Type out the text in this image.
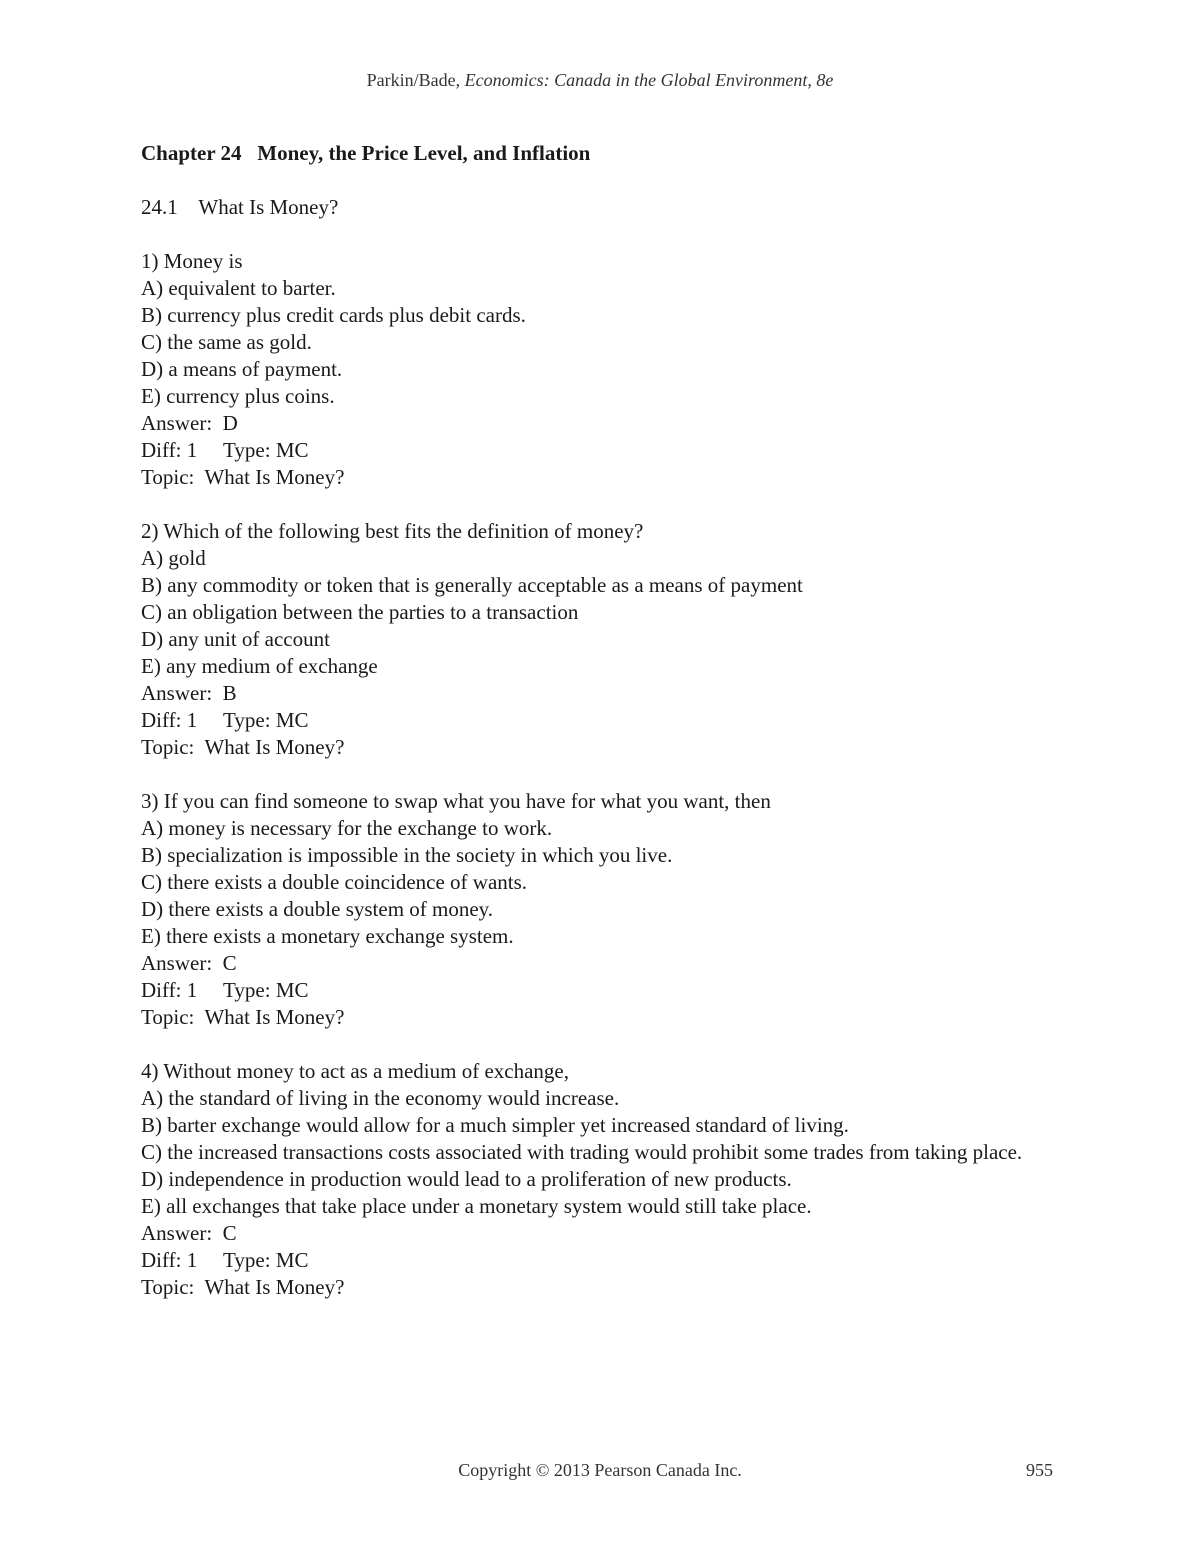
Parkin/Bade, Economics: Canada in the Global Environment, 8e
Chapter 24   Money, the Price Level, and Inflation
24.1    What Is Money?
1) Money is
A) equivalent to barter.
B) currency plus credit cards plus debit cards.
C) the same as gold.
D) a means of payment.
E) currency plus coins.
Answer:  D
Diff: 1     Type: MC
Topic:  What Is Money?
2) Which of the following best fits the definition of money?
A) gold
B) any commodity or token that is generally acceptable as a means of payment
C) an obligation between the parties to a transaction
D) any unit of account
E) any medium of exchange
Answer:  B
Diff: 1     Type: MC
Topic:  What Is Money?
3) If you can find someone to swap what you have for what you want, then
A) money is necessary for the exchange to work.
B) specialization is impossible in the society in which you live.
C) there exists a double coincidence of wants.
D) there exists a double system of money.
E) there exists a monetary exchange system.
Answer:  C
Diff: 1     Type: MC
Topic:  What Is Money?
4) Without money to act as a medium of exchange,
A) the standard of living in the economy would increase.
B) barter exchange would allow for a much simpler yet increased standard of living.
C) the increased transactions costs associated with trading would prohibit some trades from taking place.
D) independence in production would lead to a proliferation of new products.
E) all exchanges that take place under a monetary system would still take place.
Answer:  C
Diff: 1     Type: MC
Topic:  What Is Money?
Copyright © 2013 Pearson Canada Inc.	955
